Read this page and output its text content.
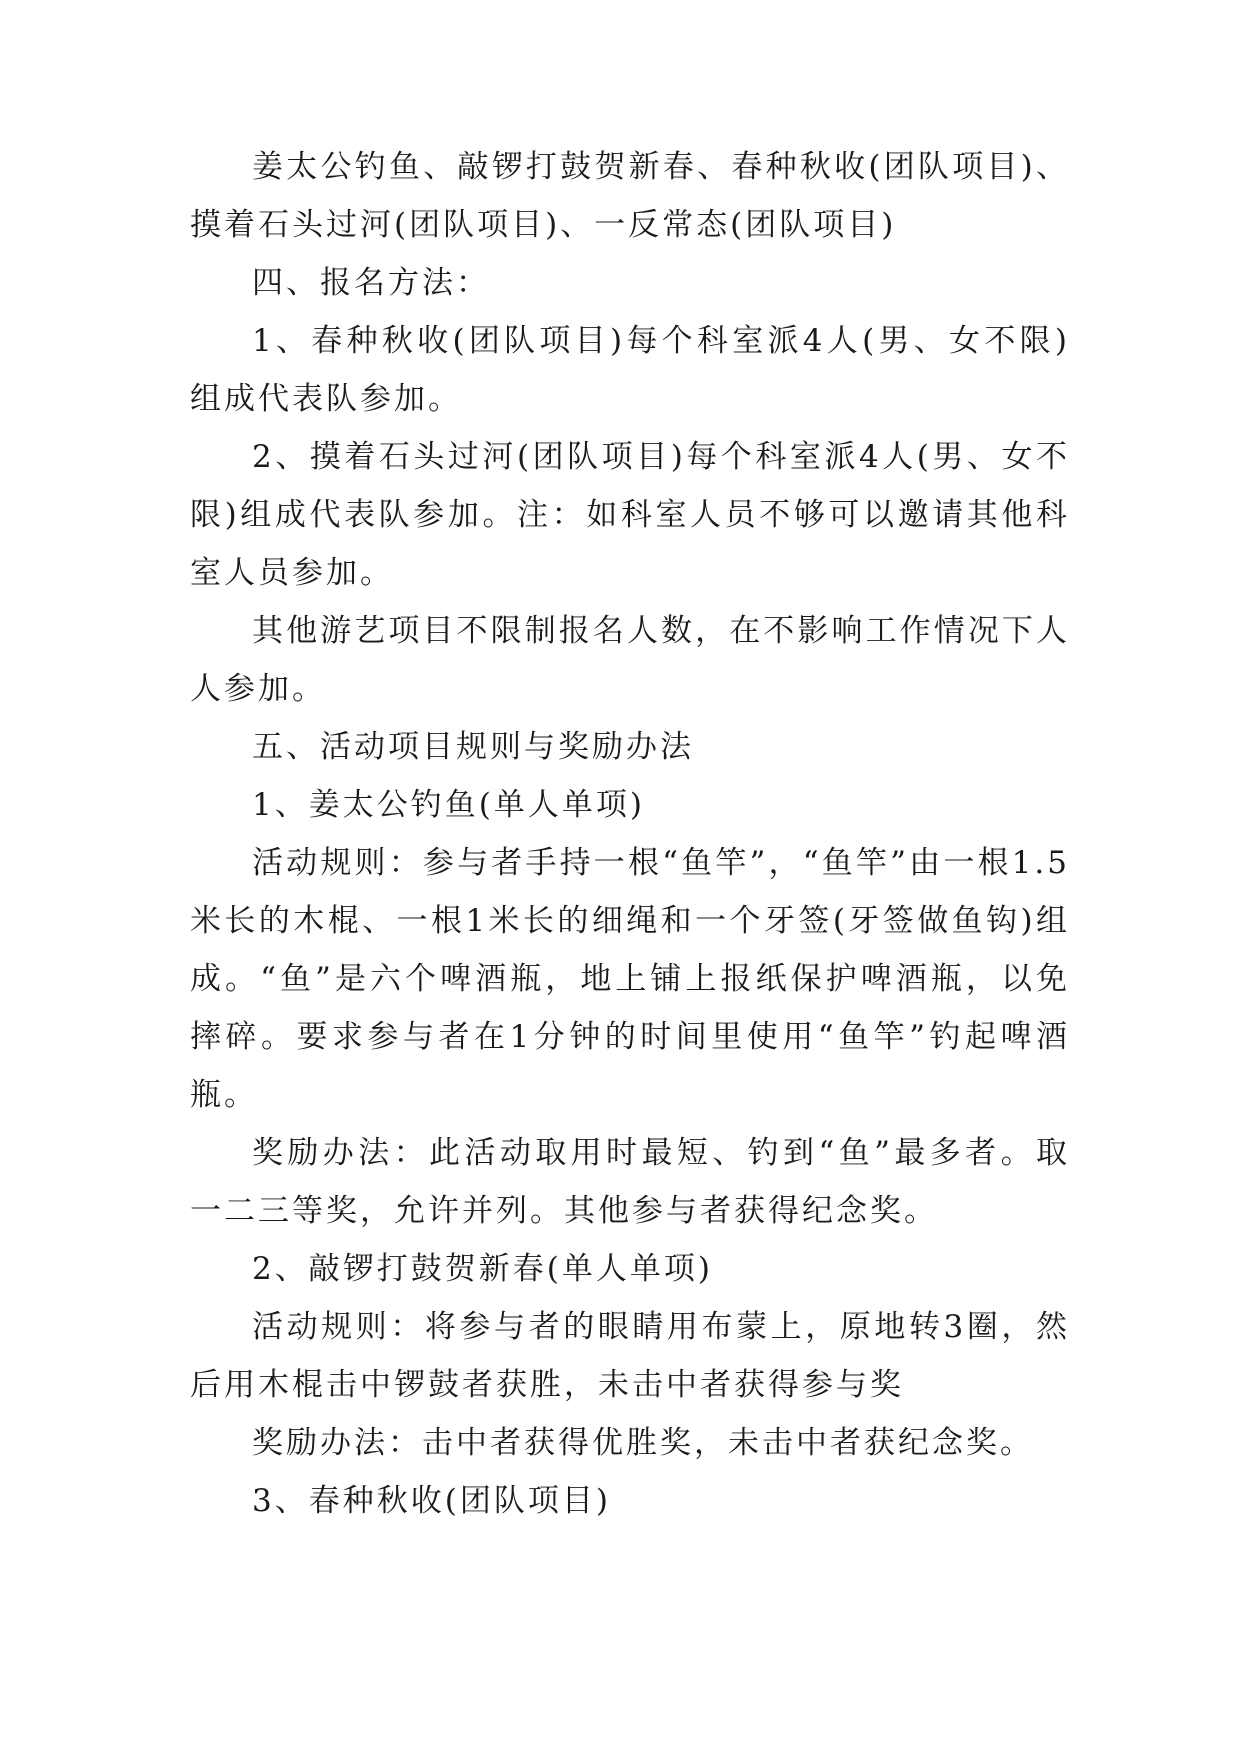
姜太公钓鱼、敲锣打鼓贺新春、春种秋收(团队项目)、摸着石头过河(团队项目)、一反常态(团队项目)

四、报名方法：

1、春种秋收(团队项目)每个科室派4人(男、女不限)组成代表队参加。

2、摸着石头过河(团队项目)每个科室派4人(男、女不限)组成代表队参加。注：如科室人员不够可以邀请其他科室人员参加。

其他游艺项目不限制报名人数，在不影响工作情况下人人参加。

五、活动项目规则与奖励办法

1、姜太公钓鱼(单人单项)

活动规则：参与者手持一根“鱼竿”，“鱼竿”由一根1.5米长的木棍、一根1米长的细绳和一个牙签(牙签做鱼钩)组成。“鱼”是六个啤酒瓶，地上铺上报纸保护啤酒瓶，以免摔碎。要求参与者在1分钟的时间里使用“鱼竿”钓起啤酒瓶。

奖励办法：此活动取用时最短、钓到“鱼”最多者。取一二三等奖，允许并列。其他参与者获得纪念奖。

2、敲锣打鼓贺新春(单人单项)

活动规则：将参与者的眼睛用布蒙上，原地转3圈，然后用木棍击中锣鼓者获胜，未击中者获得参与奖

奖励办法：击中者获得优胜奖，未击中者获纪念奖。

3、春种秋收(团队项目)
